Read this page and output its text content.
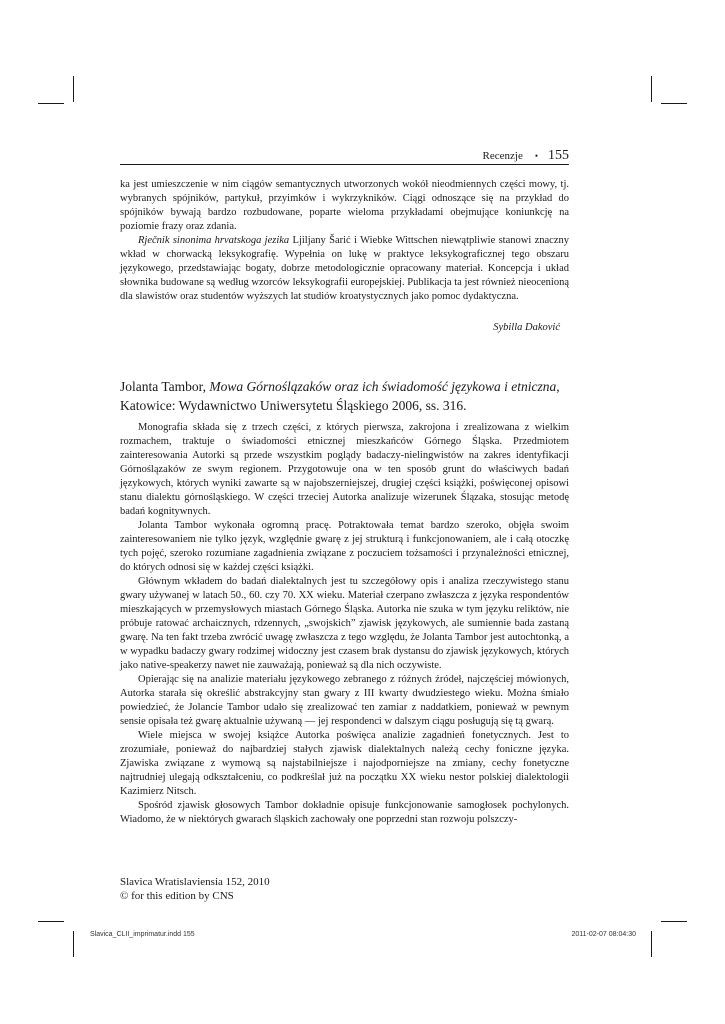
Recenzje • 155

ka jest umieszczenie w nim ciągów semantycznych utworzonych wokół nieodmiennych części mowy, tj. wybranych spójników, partykuł, przyimków i wykrzykników. Ciągi odnoszące się na przykład do spójników bywają bardzo rozbudowane, poparte wieloma przykładami obejmujące koniunkcję na poziomie frazy oraz zdania.

Rječnik sinonima hrvatskoga jezika Ljiljany Šarić i Wiebke Wittschen niewątpliwie stanowi znaczny wkład w chorwacką leksykografię. Wypełnia on lukę w praktyce leksykograficznej tego obszaru językowego, przedstawiając bogaty, dobrze metodologicznie opracowany materiał. Koncepcja i układ słownika budowane są według wzorców leksykografii europejskiej. Publikacja ta jest również nieocenioną dla slawistów oraz studentów wyższych lat studiów kroatystycznych jako pomoc dydaktyczna.

Sybilla Daković
Jolanta Tambor, Mowa Górnoślązaków oraz ich świadomość językowa i etniczna, Katowice: Wydawnictwo Uniwersytetu Śląskiego 2006, ss. 316.

Monografia składa się z trzech części, z których pierwsza, zakrojona i zrealizowana z wielkim rozmachem, traktuje o świadomości etnicznej mieszkańców Górnego Śląska. Przedmiotem zainteresowania Autorki są przede wszystkim poglądy badaczy-nielingwistów na zakres identyfikacji Górnoślązaków ze swym regionem. Przygotowuje ona w ten sposób grunt do właściwych badań językowych, których wyniki zawarte są w najobszerniejszej, drugiej części książki, poświęconej opisowi stanu dialektu górnośląskiego. W części trzeciej Autorka analizuje wizerunek Ślązaka, stosując metodę badań kognitywnych.

Jolanta Tambor wykonała ogromną pracę. Potraktowała temat bardzo szeroko, objęła swoim zainteresowaniem nie tylko język, względnie gwarę z jej strukturą i funkcjonowaniem, ale i całą otoczkę tych pojęć, szeroko rozumiane zagadnienia związane z poczuciem tożsamości i przynależności etnicznej, do których odnosi się w każdej części książki.

Głównym wkładem do badań dialektalnych jest tu szczegółowy opis i analiza rzeczywistego stanu gwary używanej w latach 50., 60. czy 70. XX wieku. Materiał czerpano zwłaszcza z języka respondentów mieszkających w przemysłowych miastach Górnego Śląska. Autorka nie szuka w tym języku reliktów, nie próbuje ratować archaicznych, rdzennych, „swojskich” zjawisk językowych, ale sumiennie bada zastaną gwarę. Na ten fakt trzeba zwrócić uwagę zwłaszcza z tego względu, że Jolanta Tambor jest autochtonką, a w wypadku badaczy gwary rodzimej widoczny jest czasem brak dystansu do zjawisk językowych, których jako native-speakerzy nawet nie zauważają, ponieważ są dla nich oczywiste.

Opierając się na analizie materiału językowego zebranego z różnych źródeł, najczęściej mówionych, Autorka starała się określić abstrakcyjny stan gwary z III kwarty dwudziestego wieku. Można śmiało powiedzieć, że Jolancie Tambor udało się zrealizować ten zamiar z naddatkiem, ponieważ w pewnym sensie opisała też gwarę aktualnie używaną — jej respondenci w dalszym ciągu posługują się tą gwarą.

Wiele miejsca w swojej książce Autorka poświęca analizie zagadnień fonetycznych. Jest to zrozumiałe, ponieważ do najbardziej stałych zjawisk dialektalnych należą cechy foniczne języka. Zjawiska związane z wymową są najstabilniejsze i najodporniejsze na zmiany, cechy fonetyczne najtrudniej ulegają odkształceniu, co podkreślał już na początku XX wieku nestor polskiej dialektologii Kazimierz Nitsch.

Spośród zjawisk głosowych Tambor dokładnie opisuje funkcjonowanie samogłosek pochylonych. Wiadomo, że w niektórych gwarach śląskich zachowały one poprzedni stan rozwoju polszczy-

Slavica Wratislaviensia 152, 2010
© for this edition by CNS
Slavica_CLII_imprimatur.indd 155	2011-02-07 08:04:30
